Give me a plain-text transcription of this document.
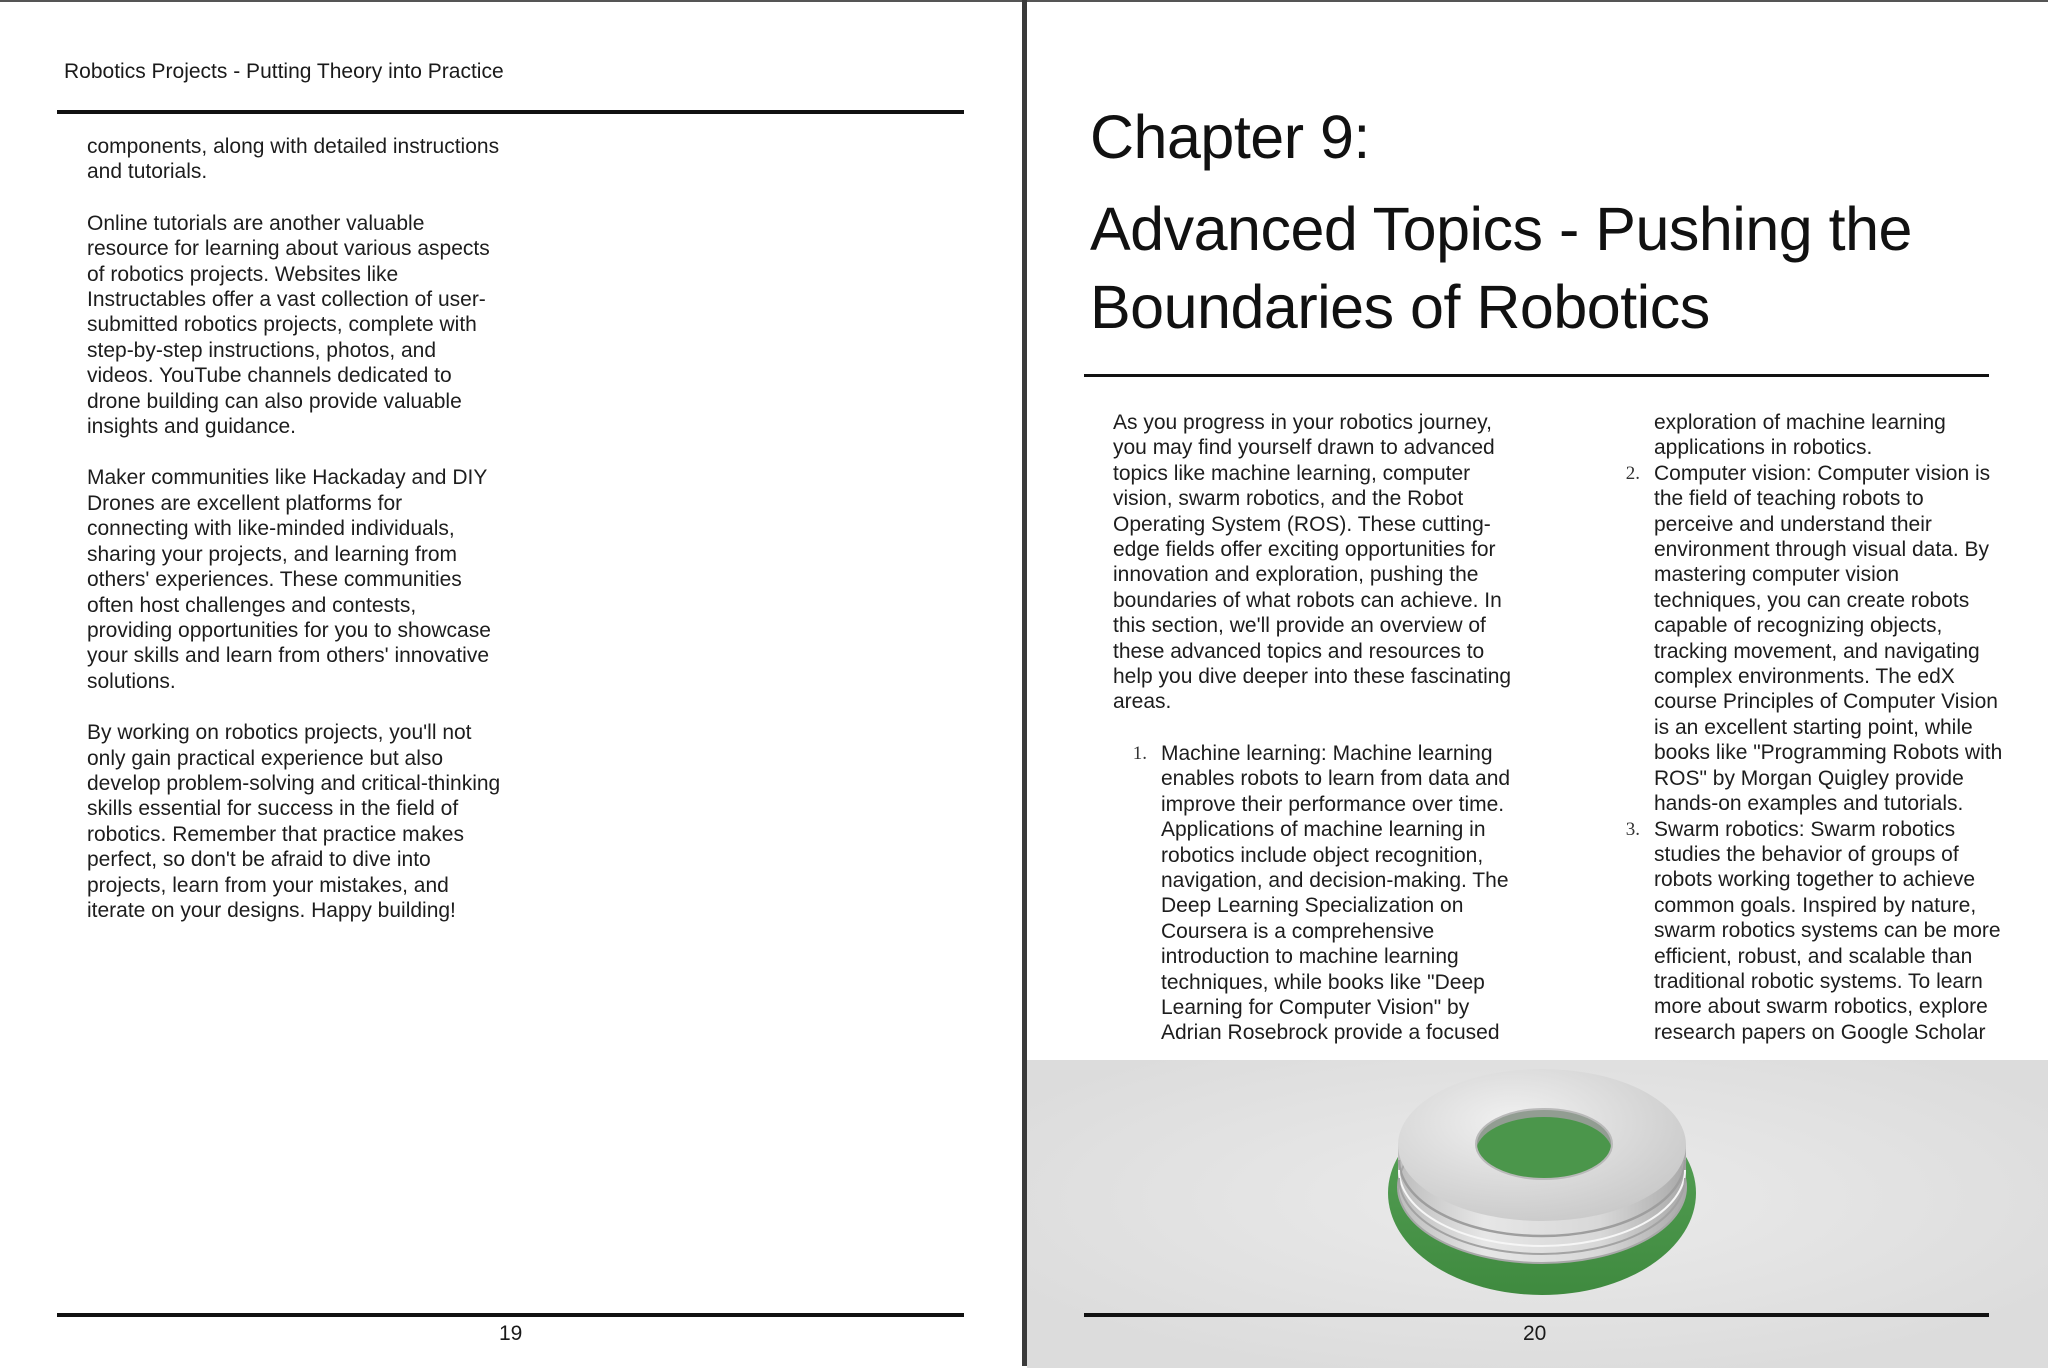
Robotics Projects - Putting Theory into Practice

components, along with detailed instructions and tutorials.

Online tutorials are another valuable resource for learning about various aspects of robotics projects. Websites like Instructables offer a vast collection of user-submitted robotics projects, complete with step-by-step instructions, photos, and videos. YouTube channels dedicated to drone building can also provide valuable insights and guidance.

Maker communities like Hackaday and DIY Drones are excellent platforms for connecting with like-minded individuals, sharing your projects, and learning from others' experiences. These communities often host challenges and contests, providing opportunities for you to showcase your skills and learn from others' innovative solutions.

By working on robotics projects, you'll not only gain practical experience but also develop problem-solving and critical-thinking skills essential for success in the field of robotics. Remember that practice makes perfect, so don't be afraid to dive into projects, learn from your mistakes, and iterate on your designs. Happy building!

19
Chapter 9:
Advanced Topics - Pushing the Boundaries of Robotics

As you progress in your robotics journey, you may find yourself drawn to advanced topics like machine learning, computer vision, swarm robotics, and the Robot Operating System (ROS). These cutting-edge fields offer exciting opportunities for innovation and exploration, pushing the boundaries of what robots can achieve. In this section, we'll provide an overview of these advanced topics and resources to help you dive deeper into these fascinating areas.

1. Machine learning: Machine learning enables robots to learn from data and improve their performance over time. Applications of machine learning in robotics include object recognition, navigation, and decision-making. The Deep Learning Specialization on Coursera is a comprehensive introduction to machine learning techniques, while books like "Deep Learning for Computer Vision" by Adrian Rosebrock provide a focused
exploration of machine learning applications in robotics.
2. Computer vision: Computer vision is the field of teaching robots to perceive and understand their environment through visual data. By mastering computer vision techniques, you can create robots capable of recognizing objects, tracking movement, and navigating complex environments. The edX course Principles of Computer Vision is an excellent starting point, while books like "Programming Robots with ROS" by Morgan Quigley provide hands-on examples and tutorials.
3. Swarm robotics: Swarm robotics studies the behavior of groups of robots working together to achieve common goals. Inspired by nature, swarm robotics systems can be more efficient, robust, and scalable than traditional robotic systems. To learn more about swarm robotics, explore research papers on Google Scholar
20
